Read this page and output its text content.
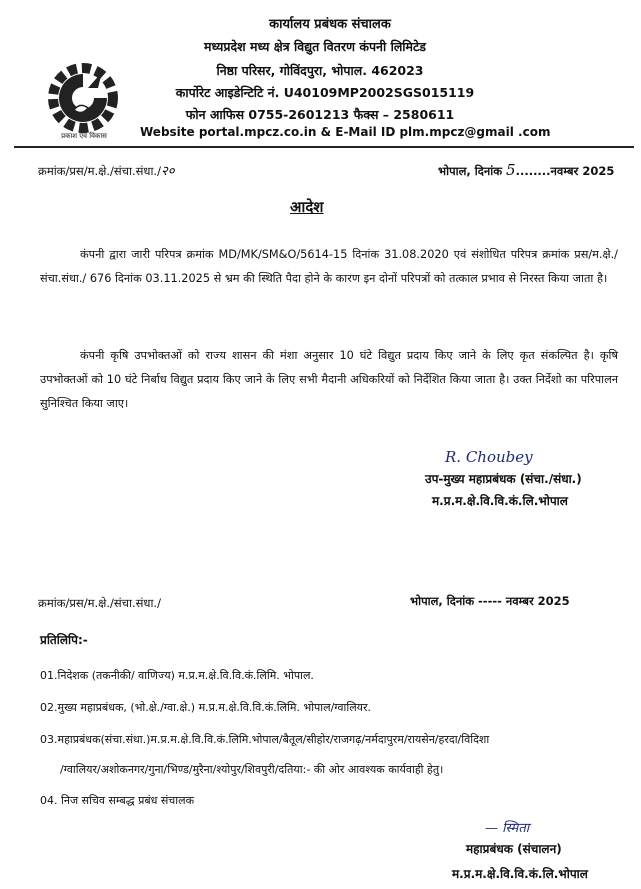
प्रकाश एवं विकास
कार्यालय प्रबंधक संचालक
मध्यप्रदेश मध्य क्षेत्र विद्युत वितरण कंपनी लिमिटेड
निष्ठा परिसर, गोविंदपुरा, भोपाल. 462023
कार्पोरेट आइडेन्टिटि नं. U40109MP2002SGS015119
फोन आफिस 0755-2601213 फैक्स – 2580611
Website portal.mpcz.co.in & E-Mail ID plm.mpcz@gmail .com
क्रमांक/प्रस/म.क्षे./संचा.संधा./२०	भोपाल, दिनांक 5........नवम्बर 2025
आदेश
कंपनी द्वारा जारी परिपत्र क्रमांक MD/MK/SM&O/5614-15 दिनांक 31.08.2020 एवं संशोधित परिपत्र क्रमांक प्रस/म.क्षे./संचा.संधा./ 676 दिनांक 03.11.2025 से भ्रम की स्थिति पैदा होने के कारण इन दोनों परिपत्रों को तत्काल प्रभाव से निरस्त किया जाता है।
कंपनी कृषि उपभोक्तओं को राज्य शासन की मंशा अनुसार 10 घंटे विद्युत प्रदाय किए जाने के लिए कृत संकल्पित है। कृषि उपभोक्तओं को 10 घंटे निर्बाध विद्युत प्रदाय किए जाने के लिए सभी मैदानी अधिकरियों को निर्देशित किया जाता है। उक्त निर्देशो का परिपालन सुनिश्चित किया जाए।
R. Choubey
उप-मुख्य महाप्रबंधक (संचा./संधा.)
म.प्र.म.क्षे.वि.वि.कं.लि.भोपाल
क्रमांक/प्रस/म.क्षे./संचा.संधा./	भोपाल, दिनांक ----- नवम्बर 2025
प्रतिलिपि:-
01.निदेशक (तकनीकी/ वाणिज्य) म.प्र.म.क्षे.वि.वि.कं.लिमि. भोपाल.
02.मुख्य महाप्रबंधक, (भो.क्षे./ग्वा.क्षे.) म.प्र.म.क्षे.वि.वि.कं.लिमि. भोपाल/ग्वालियर.
03.महाप्रबंधक(संचा.संधा.)म.प्र.म.क्षे.वि.वि.कं.लिमि.भोपाल/बैतूल/सीहोर/राजगढ़/नर्मदापुरम/रायसेन/हरदा/विदिशा
/ग्वालियर/अशोकनगर/गुना/भिण्ड/मुरैना/श्योपुर/शिवपुरी/दतिया:- की ओर आवश्यक कार्यवाही हेतु।
04. निज सचिव सम्बद्ध प्रबंध संचालक
— स्मिता
महाप्रबंधक (संचालन)
म.प्र.म.क्षे.वि.वि.कं.लि.भोपाल
